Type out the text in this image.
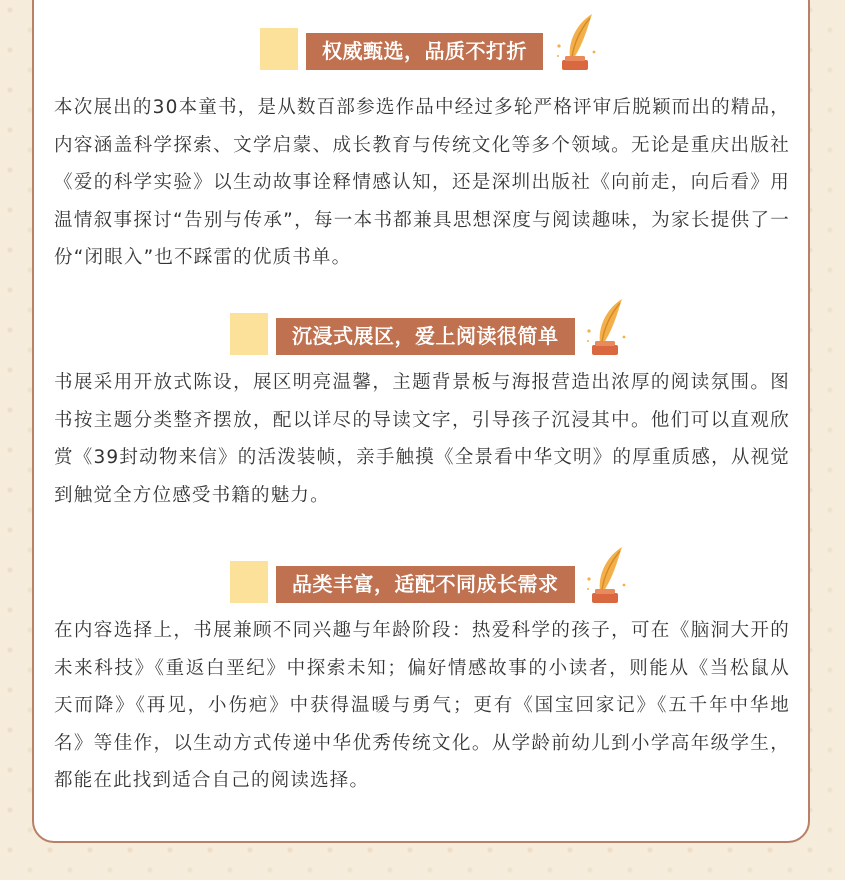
权威甄选，品质不打折

本次展出的30本童书，是从数百部参选作品中经过多轮严格评审后脱颖而出的精品，内容涵盖科学探索、文学启蒙、成长教育与传统文化等多个领域。无论是重庆出版社《爱的科学实验》以生动故事诠释情感认知，还是深圳出版社《向前走，向后看》用温情叙事探讨“告别与传承”，每一本书都兼具思想深度与阅读趣味，为家长提供了一份“闭眼入”也不踩雷的优质书单。

沉浸式展区，爱上阅读很简单

书展采用开放式陈设，展区明亮温馨，主题背景板与海报营造出浓厚的阅读氛围。图书按主题分类整齐摆放，配以详尽的导读文字，引导孩子沉浸其中。他们可以直观欣赏《39封动物来信》的活泼装帧，亲手触摸《全景看中华文明》的厚重质感，从视觉到触觉全方位感受书籍的魅力。

品类丰富，适配不同成长需求

在内容选择上，书展兼顾不同兴趣与年龄阶段：热爱科学的孩子，可在《脑洞大开的未来科技》《重返白垩纪》中探索未知；偏好情感故事的小读者，则能从《当松鼠从天而降》《再见，小伤疤》中获得温暖与勇气；更有《国宝回家记》《五千年中华地名》等佳作，以生动方式传递中华优秀传统文化。从学龄前幼儿到小学高年级学生，都能在此找到适合自己的阅读选择。
